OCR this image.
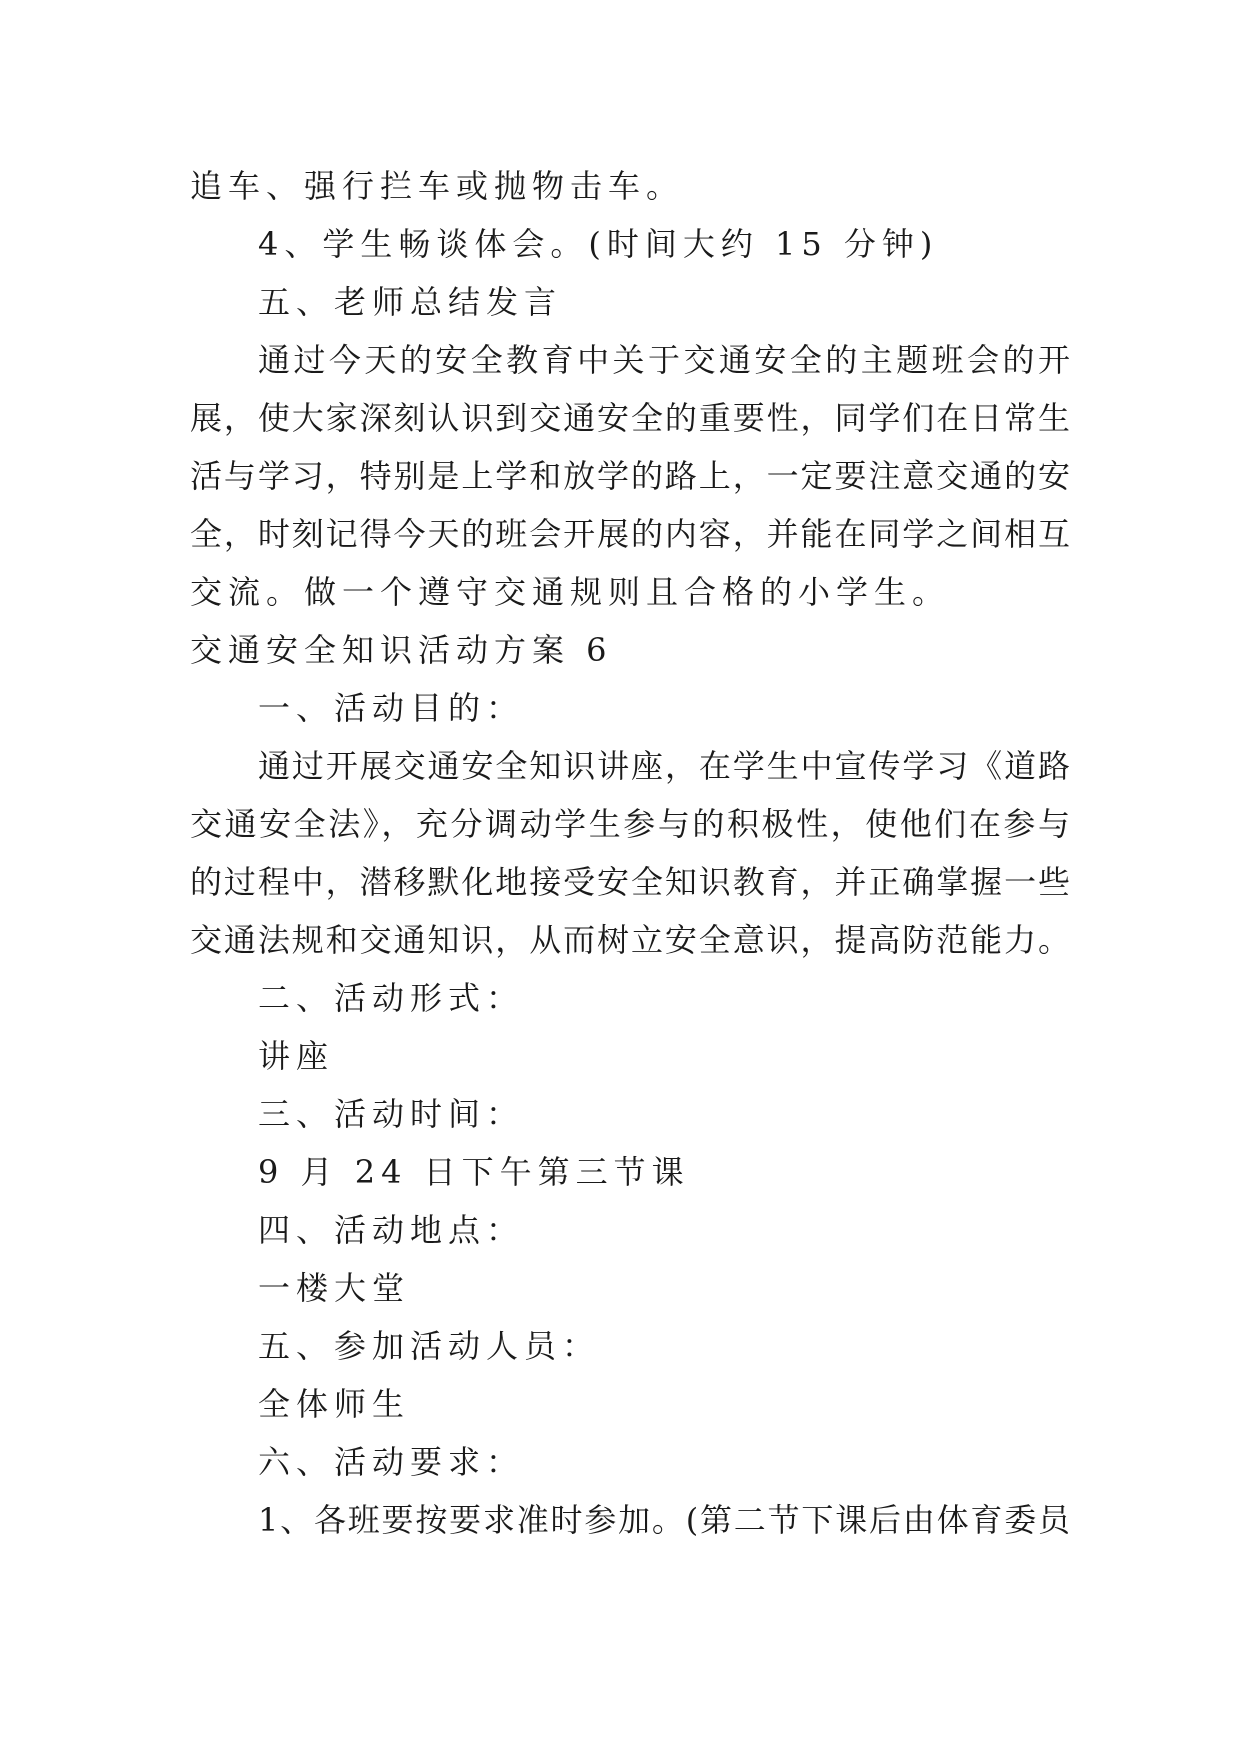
追车、强行拦车或抛物击车。
4、学生畅谈体会。(时间大约 15 分钟)
五、老师总结发言
通过今天的安全教育中关于交通安全的主题班会的开
展，使大家深刻认识到交通安全的重要性，同学们在日常生
活与学习，特别是上学和放学的路上，一定要注意交通的安
全，时刻记得今天的班会开展的内容，并能在同学之间相互
交流。做一个遵守交通规则且合格的小学生。
交通安全知识活动方案 6
一、活动目的：
通过开展交通安全知识讲座，在学生中宣传学习《道路
交通安全法》，充分调动学生参与的积极性，使他们在参与
的过程中，潜移默化地接受安全知识教育，并正确掌握一些
交通法规和交通知识，从而树立安全意识，提高防范能力。
二、活动形式：
讲座
三、活动时间：
9 月 24 日下午第三节课
四、活动地点：
一楼大堂
五、参加活动人员：
全体师生
六、活动要求：
1、各班要按要求准时参加。(第二节下课后由体育委员
